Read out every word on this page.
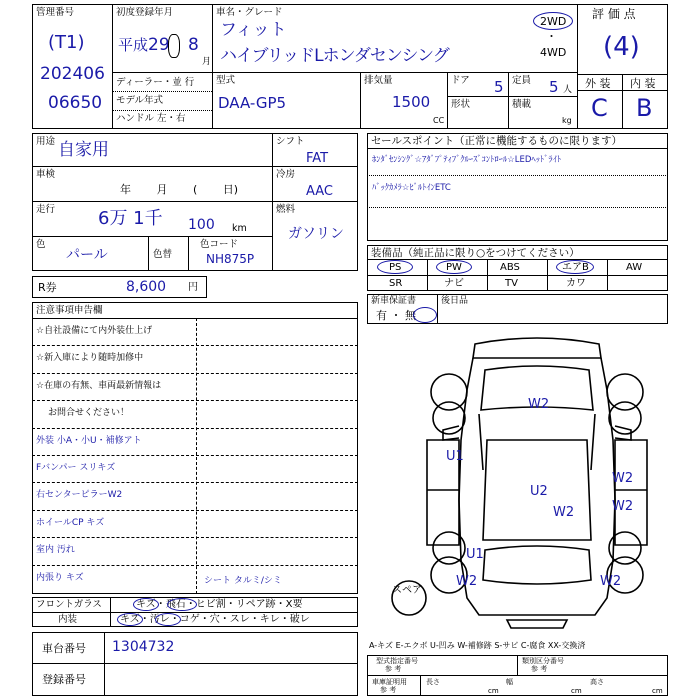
管理番号
(T1)
202406
06650
初度登録年月
平成 29 8
月
車名・グレード
フィット
ハイブリッドLホンダセンシング
2WD
・
4WD
ディーラー・並 行
モデル年式
ハンドル 左・右
型式
DAA-GP5
排気量
1500
CC
ドア 5 定員 5 人
形状	積載
kg
評 価 点
(4)
外 装 内 装
C B
用途 自家用
車検
年 月 ( 日)
走行 6万 1千 100 km
色
パール	色替
色コード
NH875P
シフト
FAT
冷房
AAC
燃料
ガソリン
R券	8,600 円
セールスポイント（正常に機能するものに限ります）
ﾎﾝﾀﾞｾﾝｼﾝｸﾞ☆ｱﾀﾞﾌﾟﾃｨﾌﾞｸﾙｰｽﾞｺﾝﾄﾛｰﾙ☆LEDﾍｯﾄﾞﾗｲﾄ
ﾊﾞｯｸｶﾒﾗ☆ﾋﾞﾙﾄｲﾝETC
装備品（純正品に限り○をつけてください）
PS	PW	ABS	エアB	AW
SR	ナビ	TV	カワ
新車保証書
有 ・ 無
後日品
注意事項申告欄
☆自社設備にて内外装仕上げ
☆新入庫により随時加修中
☆在庫の有無、車両最新情報は
お問合せください！
外装 小A・小U・補修アト
Fバンパー スリキズ
右センターピラーW2
ホイールCP キズ
室内 汚れ
内張り キズ	シート タルミ/シミ
フロントガラス	キズ・飛石・ヒビ割・リペア跡・X要
内装	キズ・汚レ・コゲ・穴・スレ・キレ・破レ
車台番号 1304732
登録番号
スペア
W2
U1
U2
W2
W2	W2
U1
W2	W2
A-キズ E-エクボ U-凹み W-補修跡 S-サビ C-腐食 XX-交換済
型式指定番号
参 考
類別区分番号
参 考
車庫証明用
参 考
長さ
cm
幅
cm
高さ
cm
